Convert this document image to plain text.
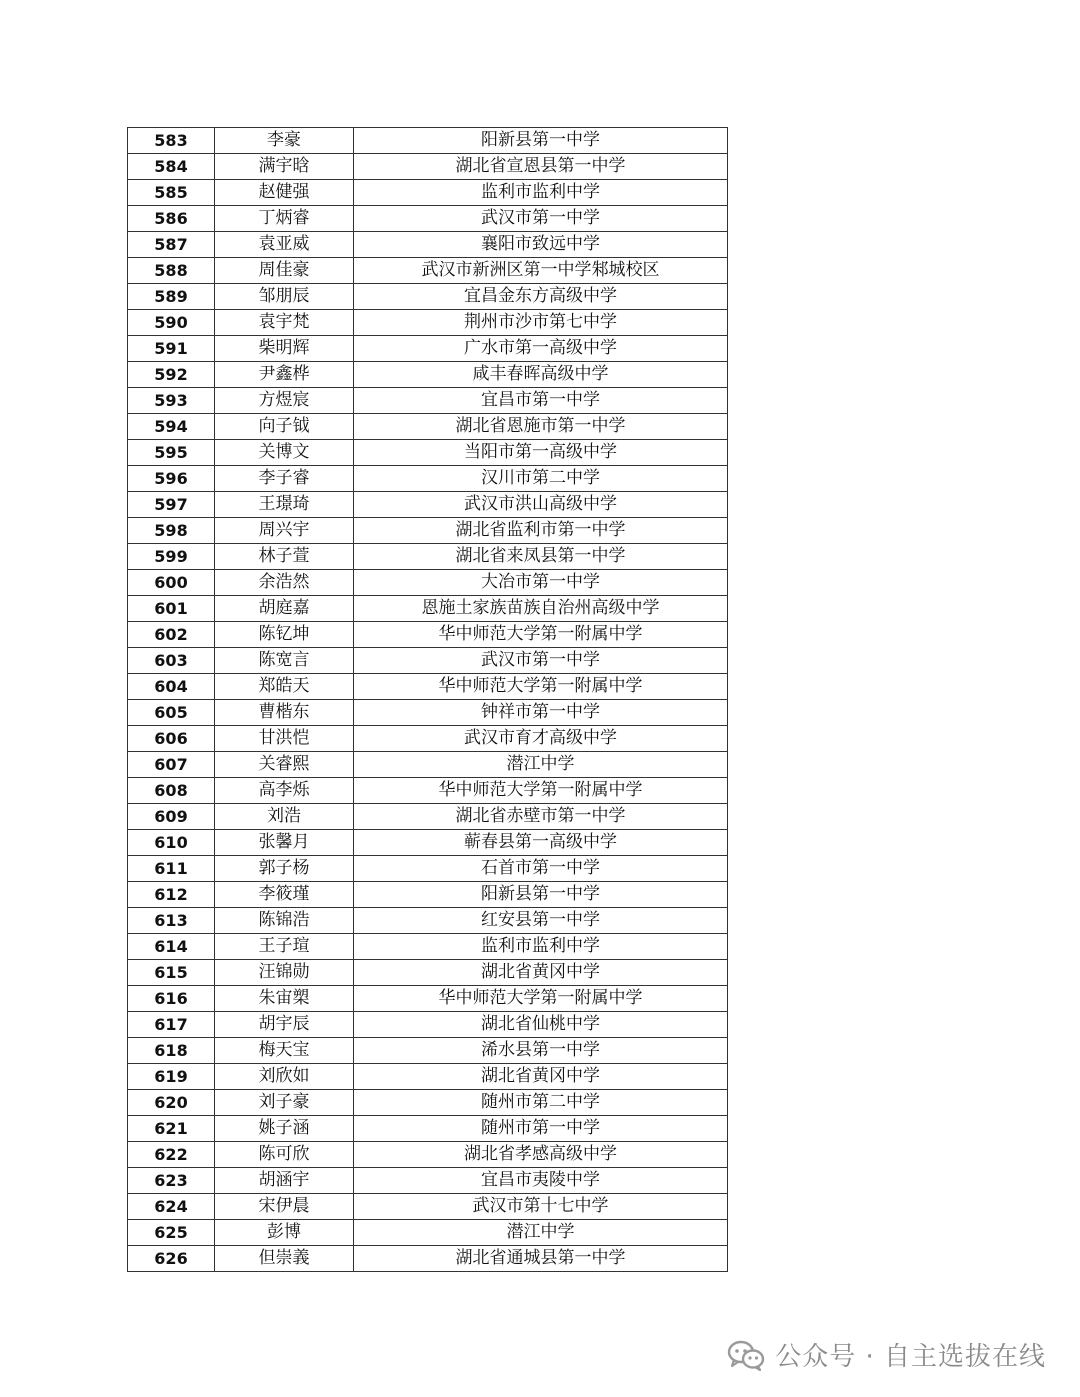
583	李豪	阳新县第一中学
584	满宇晗	湖北省宣恩县第一中学
585	赵健强	监利市监利中学
586	丁炳睿	武汉市第一中学
587	袁亚威	襄阳市致远中学
588	周佳豪	武汉市新洲区第一中学邾城校区
589	邹朋辰	宜昌金东方高级中学
590	袁宇梵	荆州市沙市第七中学
591	柴明辉	广水市第一高级中学
592	尹鑫桦	咸丰春晖高级中学
593	方煜宸	宜昌市第一中学
594	向子钺	湖北省恩施市第一中学
595	关博文	当阳市第一高级中学
596	李子睿	汉川市第二中学
597	王璟琦	武汉市洪山高级中学
598	周兴宇	湖北省监利市第一中学
599	林子萱	湖北省来凤县第一中学
600	余浩然	大冶市第一中学
601	胡庭嘉	恩施土家族苗族自治州高级中学
602	陈钇坤	华中师范大学第一附属中学
603	陈宽言	武汉市第一中学
604	郑皓天	华中师范大学第一附属中学
605	曹楷东	钟祥市第一中学
606	甘洪恺	武汉市育才高级中学
607	关睿熙	潜江中学
608	高李烁	华中师范大学第一附属中学
609	刘浩	湖北省赤壁市第一中学
610	张馨月	蕲春县第一高级中学
611	郭子杨	石首市第一中学
612	李筱瑾	阳新县第一中学
613	陈锦浩	红安县第一中学
614	王子瑄	监利市监利中学
615	汪锦勋	湖北省黄冈中学
616	朱宙槊	华中师范大学第一附属中学
617	胡宇辰	湖北省仙桃中学
618	梅天宝	浠水县第一中学
619	刘欣如	湖北省黄冈中学
620	刘子豪	随州市第二中学
621	姚子涵	随州市第一中学
622	陈可欣	湖北省孝感高级中学
623	胡涵宇	宜昌市夷陵中学
624	宋伊晨	武汉市第十七中学
625	彭博	潜江中学
626	但崇義	湖北省通城县第一中学
公众号 · 自主选拔在线
